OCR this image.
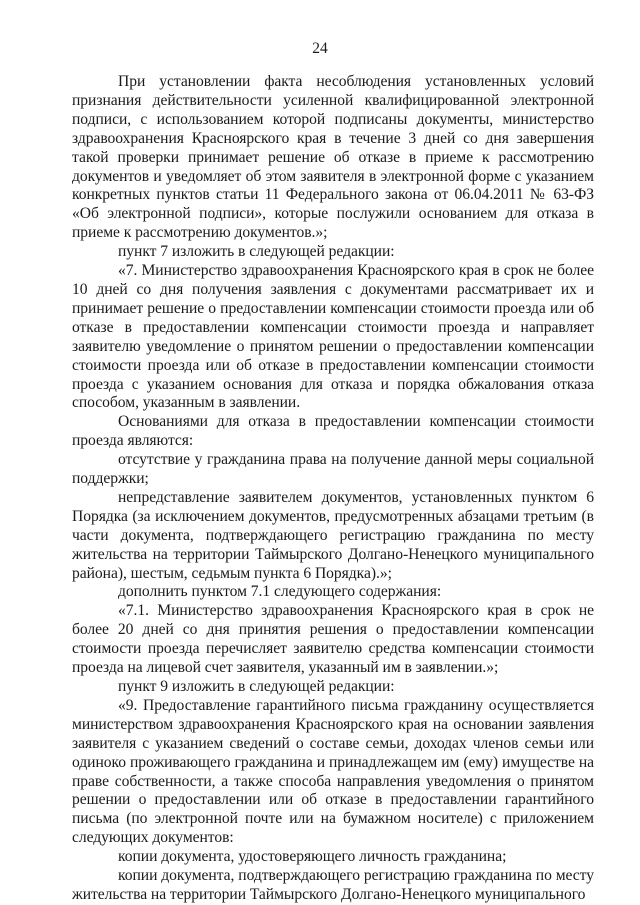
24

При установлении факта несоблюдения установленных условий признания действительности усиленной квалифицированной электронной подписи, с использованием которой подписаны документы, министерство здравоохранения Красноярского края в течение 3 дней со дня завершения такой проверки принимает решение об отказе в приеме к рассмотрению документов и уведомляет об этом заявителя в электронной форме с указанием конкретных пунктов статьи 11 Федерального закона от 06.04.2011 № 63-ФЗ «Об электронной подписи», которые послужили основанием для отказа в приеме к рассмотрению документов.»;

пункт 7 изложить в следующей редакции:

«7. Министерство здравоохранения Красноярского края в срок не более 10 дней со дня получения заявления с документами рассматривает их и принимает решение о предоставлении компенсации стоимости проезда или об отказе в предоставлении компенсации стоимости проезда и направляет заявителю уведомление о принятом решении о предоставлении компенсации стоимости проезда или об отказе в предоставлении компенсации стоимости проезда с указанием основания для отказа и порядка обжалования отказа способом, указанным в заявлении.

Основаниями для отказа в предоставлении компенсации стоимости проезда являются:

отсутствие у гражданина права на получение данной меры социальной поддержки;

непредставление заявителем документов, установленных пунктом 6 Порядка (за исключением документов, предусмотренных абзацами третьим (в части документа, подтверждающего регистрацию гражданина по месту жительства на территории Таймырского Долгано-Ненецкого муниципального района), шестым, седьмым пункта 6 Порядка).»;

дополнить пунктом 7.1 следующего содержания:

«7.1. Министерство здравоохранения Красноярского края в срок не более 20 дней со дня принятия решения о предоставлении компенсации стоимости проезда перечисляет заявителю средства компенсации стоимости проезда на лицевой счет заявителя, указанный им в заявлении.»;

пункт 9 изложить в следующей редакции:

«9. Предоставление гарантийного письма гражданину осуществляется министерством здравоохранения Красноярского края на основании заявления заявителя с указанием сведений о составе семьи, доходах членов семьи или одиноко проживающего гражданина и принадлежащем им (ему) имуществе на праве собственности, а также способа направления уведомления о принятом решении о предоставлении или об отказе в предоставлении гарантийного письма (по электронной почте или на бумажном носителе) с приложением следующих документов:

копии документа, удостоверяющего личность гражданина;

копии документа, подтверждающего регистрацию гражданина по месту жительства на территории Таймырского Долгано-Ненецкого муниципального
